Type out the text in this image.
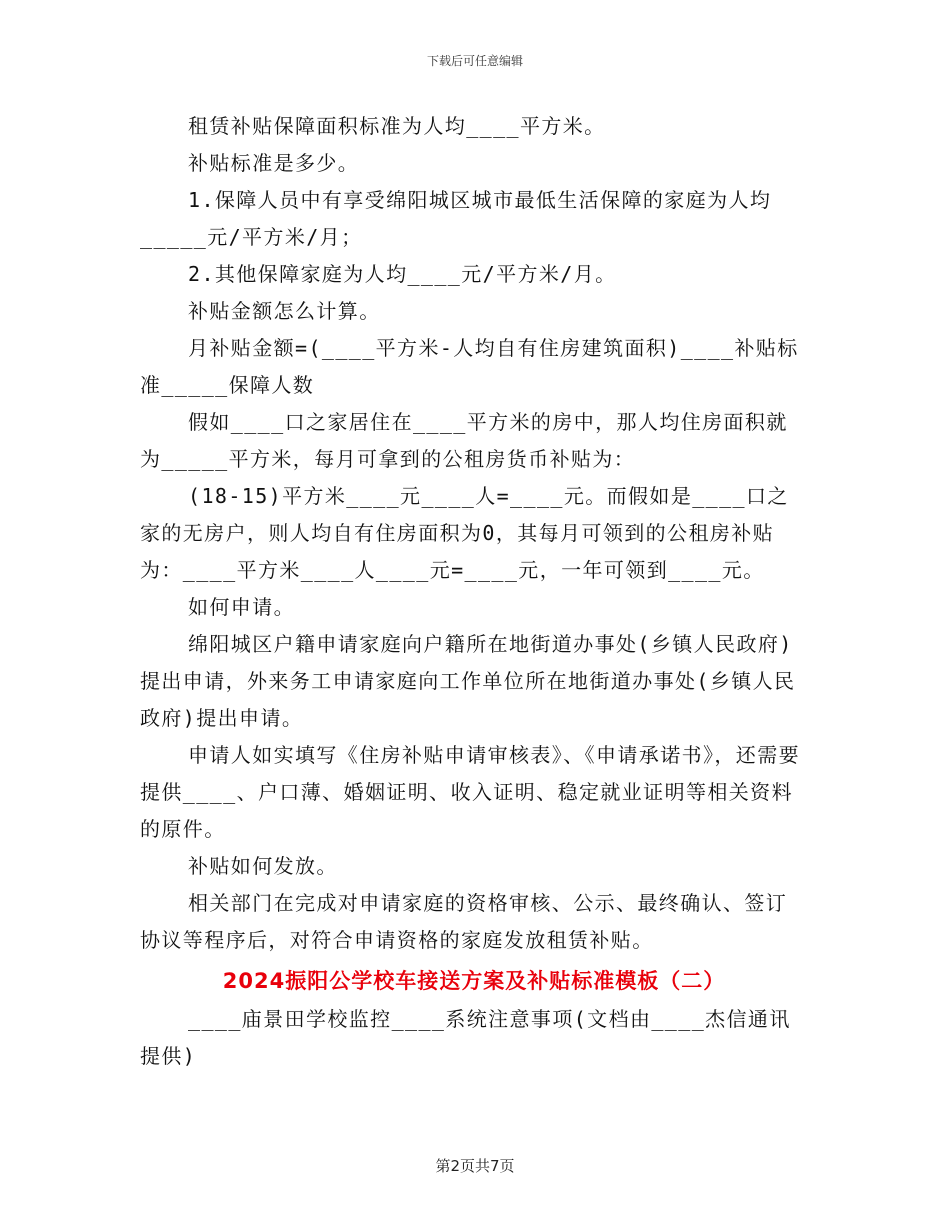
下载后可任意编辑

租赁补贴保障面积标准为人均____平方米。

补贴标准是多少。

1.保障人员中有享受绵阳城区城市最低生活保障的家庭为人均_____元/平方米/月；

2.其他保障家庭为人均____元/平方米/月。

补贴金额怎么计算。

月补贴金额=(____平方米-人均自有住房建筑面积)____补贴标准_____保障人数

假如____口之家居住在____平方米的房中，那人均住房面积就为_____平方米，每月可拿到的公租房货币补贴为：

(18-15)平方米____元____人=____元。而假如是____口之家的无房户，则人均自有住房面积为0，其每月可领到的公租房补贴为：____平方米____人____元=____元，一年可领到____元。

如何申请。

绵阳城区户籍申请家庭向户籍所在地街道办事处(乡镇人民政府)提出申请，外来务工申请家庭向工作单位所在地街道办事处(乡镇人民政府)提出申请。

申请人如实填写《住房补贴申请审核表》、《申请承诺书》，还需要提供____、户口薄、婚姻证明、收入证明、稳定就业证明等相关资料的原件。

补贴如何发放。

相关部门在完成对申请家庭的资格审核、公示、最终确认、签订协议等程序后，对符合申请资格的家庭发放租赁补贴。

2024振阳公学校车接送方案及补贴标准模板（二）

____庙景田学校监控____系统注意事项(文档由____杰信通讯提供)

第2页共7页
